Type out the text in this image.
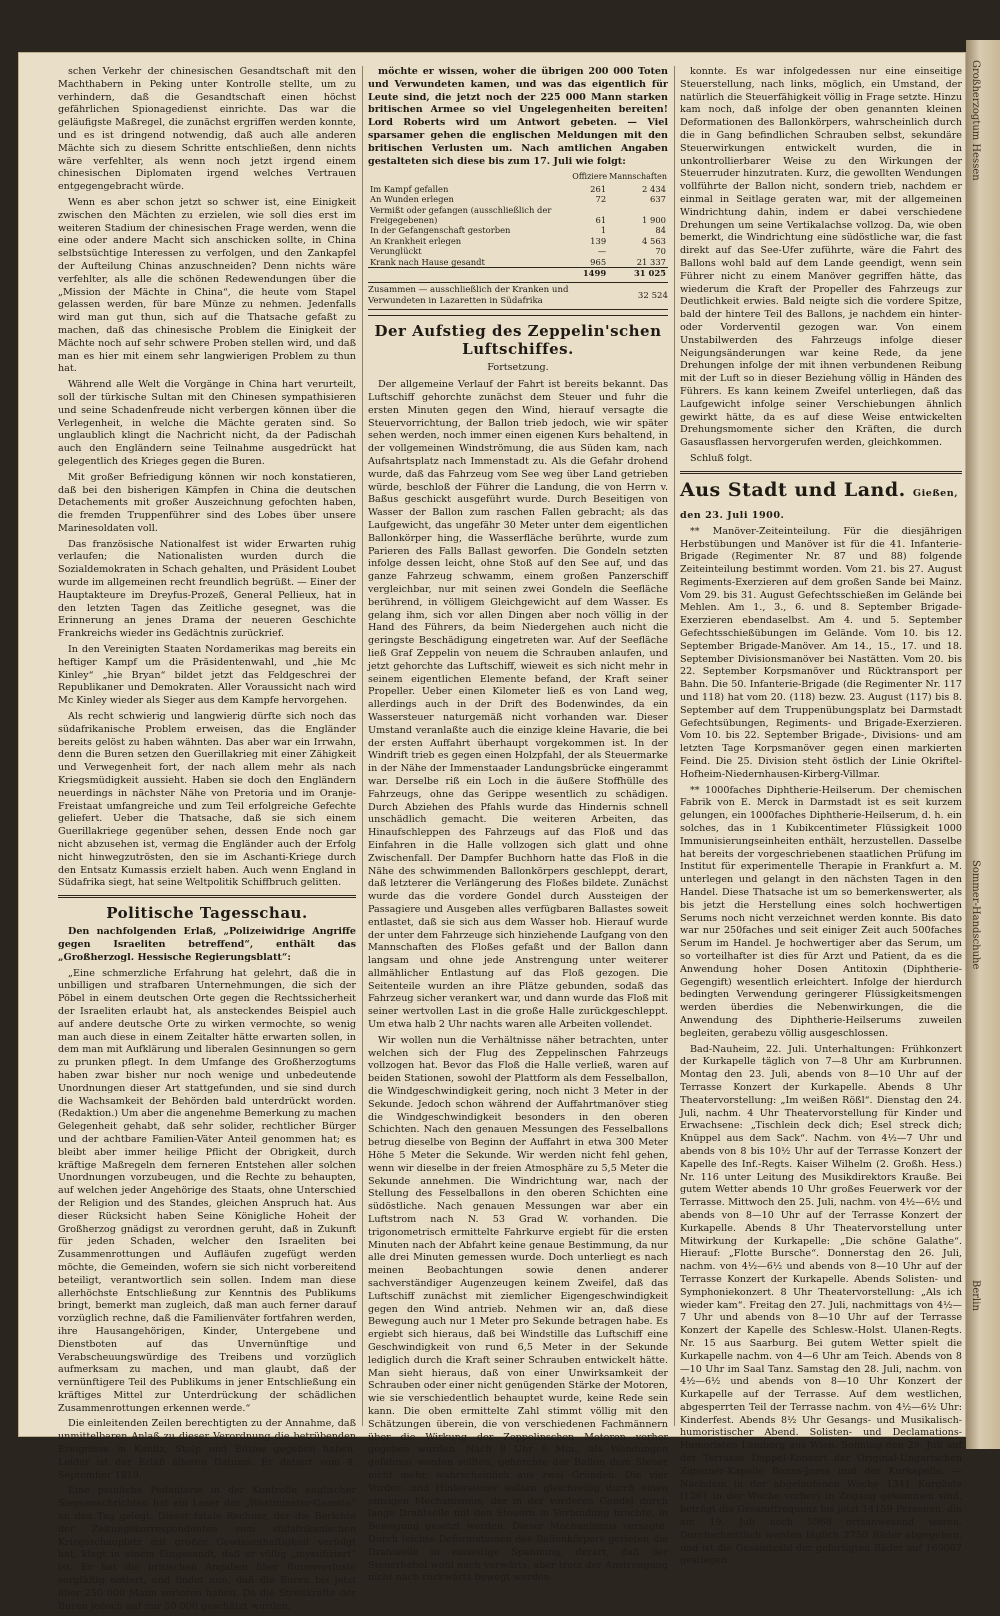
schen Verkehr der chinesischen Gesandtschaft mit den Machthabern in Peking unter Kontrolle stellte, um zu verhindern, daß die Gesandtschaft einen höchst gefährlichen Spionagedienst einrichte. Das war die geläufigste Maßregel, die zunächst ergriffen werden konnte, und es ist dringend notwendig, daß auch alle anderen Mächte sich zu diesem Schritte entschließen, denn nichts wäre verfehlter, als wenn noch jetzt irgend einem chinesischen Diplomaten irgend welches Vertrauen entgegengebracht würde.

Wenn es aber schon jetzt so schwer ist, eine Einigkeit zwischen den Mächten zu erzielen, wie soll dies erst im weiteren Stadium der chinesischen Frage werden, wenn die eine oder andere Macht sich anschicken sollte, in China selbstsüchtige Interessen zu verfolgen, und den Zankapfel der Aufteilung Chinas anzuschneiden? Denn nichts wäre verfehlter, als alle die schönen Redewendungen über die „Mission der Mächte in China“, die heute vom Stapel gelassen werden, für bare Münze zu nehmen. Jedenfalls wird man gut thun, sich auf die Thatsache gefaßt zu machen, daß das chinesische Problem die Einigkeit der Mächte noch auf sehr schwere Proben stellen wird, und daß man es hier mit einem sehr langwierigen Problem zu thun hat.

Während alle Welt die Vorgänge in China hart verurteilt, soll der türkische Sultan mit den Chinesen sympathisieren und seine Schadenfreude nicht verbergen können über die Verlegenheit, in welche die Mächte geraten sind. So unglaublich klingt die Nachricht nicht, da der Padischah auch den Engländern seine Teilnahme ausgedrückt hat gelegentlich des Krieges gegen die Buren.

Mit großer Befriedigung können wir noch konstatieren, daß bei den bisherigen Kämpfen in China die deutschen Detachements mit großer Auszeichnung gefochten haben, die fremden Truppenführer sind des Lobes über unsere Marinesoldaten voll.

Das französische Nationalfest ist wider Erwarten ruhig verlaufen; die Nationalisten wurden durch die Sozialdemokraten in Schach gehalten, und Präsident Loubet wurde im allgemeinen recht freundlich begrüßt. — Einer der Hauptakteure im Dreyfus-Prozeß, General Pellieux, hat in den letzten Tagen das Zeitliche gesegnet, was die Erinnerung an jenes Drama der neueren Geschichte Frankreichs wieder ins Gedächtnis zurückrief.

In den Vereinigten Staaten Nordamerikas mag bereits ein heftiger Kampf um die Präsidentenwahl, und „hie Mc Kinley“ „hie Bryan“ bildet jetzt das Feldgeschrei der Republikaner und Demokraten. Aller Voraussicht nach wird Mc Kinley wieder als Sieger aus dem Kampfe hervorgehen.

Als recht schwierig und langwierig dürfte sich noch das südafrikanische Problem erweisen, das die Engländer bereits gelöst zu haben wähnten. Das aber war ein Irrwahn, denn die Buren setzen den Guerillakrieg mit einer Zähigkeit und Verwegenheit fort, der nach allem mehr als nach Kriegsmüdigkeit aussieht. Haben sie doch den Engländern neuerdings in nächster Nähe von Pretoria und im Oranje-Freistaat umfangreiche und zum Teil erfolgreiche Gefechte geliefert. Ueber die Thatsache, daß sie sich einem Guerillakriege gegenüber sehen, dessen Ende noch gar nicht abzusehen ist, vermag die Engländer auch der Erfolg nicht hinwegzutrösten, den sie im Aschanti-Kriege durch den Entsatz Kumassis erzielt haben. Auch wenn England in Südafrika siegt, hat seine Weltpolitik Schiffbruch gelitten.

Politische Tagesschau.

Den nachfolgenden Erlaß, „Polizeiwidrige Angriffe gegen Israeliten betreffend“, enthält das „Großherzogl. Hessische Regierungsblatt“:

„Eine schmerzliche Erfahrung hat gelehrt, daß die in unbilligen und strafbaren Unternehmungen, die sich der Pöbel in einem deutschen Orte gegen die Rechtssicherheit der Israeliten erlaubt hat, als ansteckendes Beispiel auch auf andere deutsche Orte zu wirken vermochte, so wenig man auch diese in einem Zeitalter hätte erwarten sollen, in dem man mit Aufklärung und liberalen Gesinnungen so gern zu prunken pflegt. In dem Umfange des Großherzogtums haben zwar bisher nur noch wenige und unbedeutende Unordnungen dieser Art stattgefunden, und sie sind durch die Wachsamkeit der Behörden bald unterdrückt worden. (Redaktion.) Um aber die angenehme Bemerkung zu machen Gelegenheit gehabt, daß sehr solider, rechtlicher Bürger und der achtbare Familien-Väter Anteil genommen hat; es bleibt aber immer heilige Pflicht der Obrigkeit, durch kräftige Maßregeln dem ferneren Entstehen aller solchen Unordnungen vorzubeugen, und die Rechte zu behaupten, auf welchen jeder Angehörige des Staats, ohne Unterschied der Religion und des Standes, gleichen Anspruch hat. Aus dieser Rücksicht haben Seine Königliche Hoheit der Großherzog gnädigst zu verordnen geruht, daß in Zukunft für jeden Schaden, welcher den Israeliten bei Zusammenrottungen und Aufläufen zugefügt werden möchte, die Gemeinden, wofern sie sich nicht vorbereitend beteiligt, verantwortlich sein sollen. Indem man diese allerhöchste Entschließung zur Kenntnis des Publikums bringt, bemerkt man zugleich, daß man auch ferner darauf vorzüglich rechne, daß die Familienväter fortfahren werden, ihre Hausangehörigen, Kinder, Untergebene und Dienstboten auf das Unvernünftige und Verabscheuungswürdige des Treibens und vorzüglich aufmerksam zu machen, und man glaubt, daß der vernünftigere Teil des Publikums in jener Entschließung ein kräftiges Mittel zur Unterdrückung der schädlichen Zusammenrottungen erkennen werde.“

Die einleitenden Zeilen berechtigten zu der Annahme, daß unmittelbaren Anlaß zu dieser Verordnung die betrübenden Ereignisse in Konitz, Stolp und Bütow gegeben haben. Leider ist der Erlaß älteren Datums. Er datiert vom 4. September 1819.

Eine peinliche Pedanterie in der Kontrolle englischer Siegesnachrichten hat ein Leser der „Westminster-Gazette“ an den Tag gelegt. Dieser fatale Rechner, der die Berichte der Zeitungskorrespondenten vom südafrikanischen Kriegsschauplatz mit großer Gewissenhaftigkeit verfolgt hat, klagt in einem Eingesandt, daß er völlig „mystifiziert“ ist. Er hat die britischen Angaben über Burenverluste sorgfältig notiert, und findet nun, daß die Buren bis jetzt über 250 000 Mann verloren haben. Da die Streitkräfte der Buren jedoch auf nur 50 000 geschätzt wurden,

möchte er wissen, woher die übrigen 200 000 Toten und Verwundeten kamen, und was das eigentlich für Leute sind, die jetzt noch der 225 000 Mann starken britischen Armee so viel Ungelegenheiten bereiten! Lord Roberts wird um Antwort gebeten. — Viel sparsamer gehen die englischen Meldungen mit den britischen Verlusten um. Nach amtlichen Angaben gestalteten sich diese bis zum 17. Juli wie folgt:

	Offiziere	Mannschaften
Im Kampf gefallen	261	2 434
An Wunden erlegen	72	637
Vermißt oder gefangen (ausschließlich der Freigegebenen)	61	1 900
In der Gefangenschaft gestorben	1	84
An Krankheit erlegen	139	4 563
Verunglückt	—	70
Krank nach Hause gesandt	965	21 337
	1499	31 025
Zusammen — ausschließlich der Kranken und Verwundeten in Lazaretten in Südafrika
32 524
Der Aufstieg des Zeppelin'schen Luftschiffes.

Fortsetzung.

Der allgemeine Verlauf der Fahrt ist bereits bekannt. Das Luftschiff gehorchte zunächst dem Steuer und fuhr die ersten Minuten gegen den Wind, hierauf versagte die Steuervorrichtung, der Ballon trieb jedoch, wie wir später sehen werden, noch immer einen eigenen Kurs behaltend, in der vollgemeinen Windströmung, die aus Süden kam, nach Aufsahrtsplatz nach Immenstadt zu. Als die Gefahr drohend wurde, daß das Fahrzeug vom See weg über Land getrieben würde, beschloß der Führer die Landung, die von Herrn v. Baßus geschickt ausgeführt wurde. Durch Beseitigen von Wasser der Ballon zum raschen Fallen gebracht; als das Laufgewicht, das ungefähr 30 Meter unter dem eigentlichen Ballonkörper hing, die Wasserfläche berührte, wurde zum Parieren des Falls Ballast geworfen. Die Gondeln setzten infolge dessen leicht, ohne Stoß auf den See auf, und das ganze Fahrzeug schwamm, einem großen Panzerschiff vergleichbar, nur mit seinen zwei Gondeln die Seefläche berührend, in völligem Gleichgewicht auf dem Wasser. Es gelang ihm, sich vor allen Dingen aber noch völlig in der Hand des Führers, da beim Niedergehen auch nicht die geringste Beschädigung eingetreten war. Auf der Seefläche ließ Graf Zeppelin von neuem die Schrauben anlaufen, und jetzt gehorchte das Luftschiff, wieweit es sich nicht mehr in seinem eigentlichen Elemente befand, der Kraft seiner Propeller. Ueber einen Kilometer ließ es von Land weg, allerdings auch in der Drift des Bodenwindes, da ein Wassersteuer naturgemäß nicht vorhanden war. Dieser Umstand veranlaßte auch die einzige kleine Havarie, die bei der ersten Auffahrt überhaupt vorgekommen ist. In der Windrift trieb es gegen einen Holzpfahl, der als Steuermarke in der Nähe der Immenstaader Landungsbrücke eingerammt war. Derselbe riß ein Loch in die äußere Stoffhülle des Fahrzeugs, ohne das Gerippe wesentlich zu schädigen. Durch Abziehen des Pfahls wurde das Hindernis schnell unschädlich gemacht. Die weiteren Arbeiten, das Hinaufschleppen des Fahrzeugs auf das Floß und das Einfahren in die Halle vollzogen sich glatt und ohne Zwischenfall. Der Dampfer Buchhorn hatte das Floß in die Nähe des schwimmenden Ballonkörpers geschleppt, derart, daß letzterer die Verlängerung des Floßes bildete. Zunächst wurde das die vordere Gondel durch Aussteigen der Passagiere und Ausgeben alles verfügbaren Ballastes soweit entlastet, daß sie sich aus dem Wasser hob. Hierauf wurde der unter dem Fahrzeuge sich hinziehende Laufgang von den Mannschaften des Floßes gefaßt und der Ballon dann langsam und ohne jede Anstrengung unter weiterer allmählicher Entlastung auf das Floß gezogen. Die Seitenteile wurden an ihre Plätze gebunden, sodaß das Fahrzeug sicher verankert war, und dann wurde das Floß mit seiner wertvollen Last in die große Halle zurückgeschleppt. Um etwa halb 2 Uhr nachts waren alle Arbeiten vollendet.

Wir wollen nun die Verhältnisse näher betrachten, unter welchen sich der Flug des Zeppelinschen Fahrzeugs vollzogen hat. Bevor das Floß die Halle verließ, waren auf beiden Stationen, sowohl der Plattform als dem Fesselballon, die Windgeschwindigkeit gering, noch nicht 3 Meter in der Sekunde. Jedoch schon während der Auffahrtmanöver stieg die Windgeschwindigkeit besonders in den oberen Schichten. Nach den genauen Messungen des Fesselballons betrug dieselbe von Beginn der Auffahrt in etwa 300 Meter Höhe 5 Meter die Sekunde. Wir werden nicht fehl gehen, wenn wir dieselbe in der freien Atmosphäre zu 5,5 Meter die Sekunde annehmen. Die Windrichtung war, nach der Stellung des Fesselballons in den oberen Schichten eine südöstliche. Nach genauen Messungen war aber ein Luftstrom nach N. 53 Grad W. vorhanden. Die trigonometrisch ermittelte Fahrkurve ergiebt für die ersten Minuten nach der Abfahrt keine genaue Bestimmung, da nur alle drei Minuten gemessen wurde. Doch unterliegt es nach meinen Beobachtungen sowie denen anderer sachverständiger Augenzeugen keinem Zweifel, daß das Luftschiff zunächst mit ziemlicher Eigengeschwindigkeit gegen den Wind antrieb. Nehmen wir an, daß diese Bewegung auch nur 1 Meter pro Sekunde betragen habe. Es ergiebt sich hieraus, daß bei Windstille das Luftschiff eine Geschwindigkeit von rund 6,5 Meter in der Sekunde lediglich durch die Kraft seiner Schrauben entwickelt hätte. Man sieht hieraus, daß von einer Unwirksamkeit der Schrauben oder einer nicht genügenden Stärke der Motoren, wie sie verschiedentlich behauptet wurde, keine Rede sein kann. Die oben ermittelte Zahl stimmt völlig mit den Schätzungen überein, die von verschiedenen Fachmännern über die Wirkung der Zeppelinschen Motoren vorher gegeben wurden. Nach 8 Uhr 6 Min., als Wendungen gefahren werden sollten, gehorchte der Ballon dem Steuer nicht mehr, wahrscheinlich aus zwei Gründen. Die vier Vorder- und Hintersteuer sollten gleichzeitig durch einen einzigen Mechanismus, der in der vorderen Gondel durch lange Drahtseile mit den Steuern in Verbindung brachte, in Bewegung gesetzt werden. Dieser Mechanismus versagte. Durch leichte Deformationen des Ballonkörpers gerieten die Drahtseile in einseitige Spannung, derart, daß der Steuerhebel wohl nach vorwärts, aber trotz der Anstrengung nicht nach rückwärts bewegt werden

konnte. Es war infolgedessen nur eine einseitige Steuerstellung, nach links, möglich, ein Umstand, der natürlich die Steuerfähigkeit völlig in Frage setzte. Hinzu kam noch, daß infolge der oben genannten kleinen Deformationen des Ballonkörpers, wahrscheinlich durch die in Gang befindlichen Schrauben selbst, sekundäre Steuerwirkungen entwickelt wurden, die in unkontrollierbarer Weise zu den Wirkungen der Steuerruder hinzutraten. Kurz, die gewollten Wendungen vollführte der Ballon nicht, sondern trieb, nachdem er einmal in Seitlage geraten war, mit der allgemeinen Windrichtung dahin, indem er dabei verschiedene Drehungen um seine Vertikalachse vollzog. Da, wie oben bemerkt, die Windrichtung eine südöstliche war, die fast direkt auf das See-Ufer zuführte, wäre die Fahrt des Ballons wohl bald auf dem Lande geendigt, wenn sein Führer nicht zu einem Manöver gegriffen hätte, das wiederum die Kraft der Propeller des Fahrzeugs zur Deutlichkeit erwies. Bald neigte sich die vordere Spitze, bald der hintere Teil des Ballons, je nachdem ein hinter- oder Vorderventil gezogen war. Von einem Unstabilwerden des Fahrzeugs infolge dieser Neigungsänderungen war keine Rede, da jene Drehungen infolge der mit ihnen verbundenen Reibung mit der Luft so in dieser Beziehung völlig in Händen des Führers. Es kann keinem Zweifel unterliegen, daß das Laufgewicht infolge seiner Verschiebungen ähnlich gewirkt hätte, da es auf diese Weise entwickelten Drehungsmomente sicher den Kräften, die durch Gasausflassen hervorgerufen werden, gleichkommen.

Schluß folgt.

Aus Stadt und Land. Gießen, den 23. Juli 1900.

** Manöver-Zeiteinteilung. Für die diesjährigen Herbstübungen und Manöver ist für die 41. Infanterie-Brigade (Regimenter Nr. 87 und 88) folgende Zeiteinteilung bestimmt worden. Vom 21. bis 27. August Regiments-Exerzieren auf dem großen Sande bei Mainz. Vom 29. bis 31. August Gefechtsschießen im Gelände bei Mehlen. Am 1., 3., 6. und 8. September Brigade-Exerzieren ebendaselbst. Am 4. und 5. September Gefechtsschießübungen im Gelände. Vom 10. bis 12. September Brigade-Manöver. Am 14., 15., 17. und 18. September Divisionsmanöver bei Nastätten. Vom 20. bis 22. September Korpsmanöver und Rücktransport per Bahn. Die 50. Infanterie-Brigade (die Regimenter Nr. 117 und 118) hat vom 20. (118) bezw. 23. August (117) bis 8. September auf dem Truppenübungsplatz bei Darmstadt Gefechtsübungen, Regiments- und Brigade-Exerzieren. Vom 10. bis 22. September Brigade-, Divisions- und am letzten Tage Korpsmanöver gegen einen markierten Feind. Die 25. Division steht östlich der Linie Okriftel-Hofheim-Niedernhausen-Kirberg-Villmar.

** 1000faches Diphtherie-Heilserum. Der chemischen Fabrik von E. Merck in Darmstadt ist es seit kurzem gelungen, ein 1000faches Diphtherie-Heilserum, d. h. ein solches, das in 1 Kubikcentimeter Flüssigkeit 1000 Immunisierungseinheiten enthält, herzustellen. Dasselbe hat bereits der vorgeschriebenen staatlichen Prüfung im Institut für experimentelle Therapie in Frankfurt a. M. unterlegen und gelangt in den nächsten Tagen in den Handel. Diese Thatsache ist um so bemerkenswerter, als bis jetzt die Herstellung eines solch hochwertigen Serums noch nicht verzeichnet werden konnte. Bis dato war nur 250faches und seit einiger Zeit auch 500faches Serum im Handel. Je hochwertiger aber das Serum, um so vorteilhafter ist dies für Arzt und Patient, da es die Anwendung hoher Dosen Antitoxin (Diphtherie-Gegengift) wesentlich erleichtert. Infolge der hierdurch bedingten Verwendung geringerer Flüssigkeitsmengen werden überdies die Nebenwirkungen, die die Anwendung des Diphtherie-Heilserums zuweilen begleiten, gerabezu völlig ausgeschlossen.

Bad-Nauheim, 22. Juli. Unterhaltungen: Frühkonzert der Kurkapelle täglich von 7—8 Uhr am Kurbrunnen. Montag den 23. Juli, abends von 8—10 Uhr auf der Terrasse Konzert der Kurkapelle. Abends 8 Uhr Theatervorstellung: „Im weißen Rößl“. Dienstag den 24. Juli, nachm. 4 Uhr Theatervorstellung für Kinder und Erwachsene: „Tischlein deck dich; Esel streck dich; Knüppel aus dem Sack“. Nachm. von 4½—7 Uhr und abends von 8 bis 10½ Uhr auf der Terrasse Konzert der Kapelle des Inf.-Regts. Kaiser Wilhelm (2. Großh. Hess.) Nr. 116 unter Leitung des Musikdirektors Krauße. Bei gutem Wetter abends 10 Uhr großes Feuerwerk vor der Terrasse. Mittwoch den 25. Juli, nachm. von 4½—6½ und abends von 8—10 Uhr auf der Terrasse Konzert der Kurkapelle. Abends 8 Uhr Theatervorstellung unter Mitwirkung der Kurkapelle: „Die schöne Galathe“. Hierauf: „Flotte Bursche“. Donnerstag den 26. Juli, nachm. von 4½—6½ und abends von 8—10 Uhr auf der Terrasse Konzert der Kurkapelle. Abends Solisten- und Symphoniekonzert. 8 Uhr Theatervorstellung: „Als ich wieder kam“. Freitag den 27. Juli, nachmittags von 4½—7 Uhr und abends von 8—10 Uhr auf der Terrasse Konzert der Kapelle des Schlesw.-Holst. Ulanen-Regts. Nr. 15 aus Saarburg. Bei gutem Wetter spielt die Kurkapelle nachm. von 4—6 Uhr am Teich. Abends von 8—10 Uhr im Saal Tanz. Samstag den 28. Juli, nachm. von 4½—6½ und abends von 8—10 Uhr Konzert der Kurkapelle auf der Terrasse. Auf dem westlichen, abgesperrten Teil der Terrasse nachm. von 4½—6½ Uhr: Kinderfest. Abends 8½ Uhr Gesangs- und Musikalisch-humoristischer Abend. Solisten- und Declamations-Humoristen Lamborg aus Wien. Sonntag den 29. Juli auf der Terrasse Doppel-Konzert der Original-Ungarischen Zigeuner-Kapelle Bonza-Jozsa und der Kurkapelle. — Nachdem in der abgelaufenen Woche 1341 Kurgäste (1261 in der Woche vorher) in Zugang gekommen sind, beträgt die Gesamtfrequenz bis jetzt 14159 Personen, die am 19. Juli noch 5968 ortsanwesend waren. Durchschnittlich werden täglich 2750 Bäder abgegeben, und ist die Gesamtzahl der gefertigten Bäder auf 169067 gestiegen.

Großherzogtum Hessen
Sommer-Handschuhe
Berlin
